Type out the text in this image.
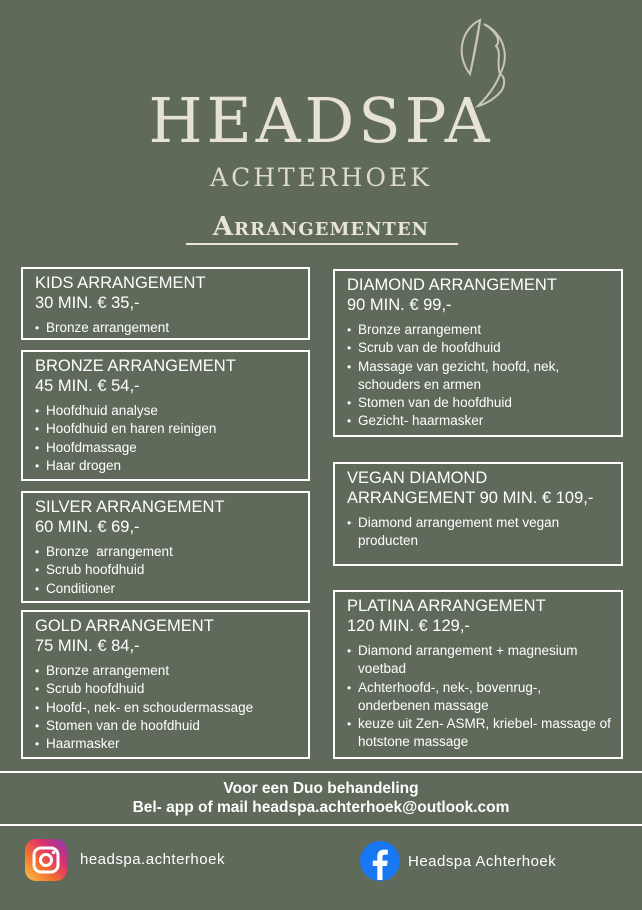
HEADSPA
ACHTERHOEK
Arrangementen
KIDS ARRANGEMENT
30 MIN. € 35,-
• Bronze arrangement
BRONZE ARRANGEMENT
45 MIN. € 54,-
• Hoofdhuid analyse
• Hoofdhuid en haren reinigen
• Hoofdmassage
• Haar drogen
SILVER ARRANGEMENT
60 MIN. € 69,-
• Bronze  arrangement
• Scrub hoofdhuid
• Conditioner
GOLD ARRANGEMENT
75 MIN. € 84,-
• Bronze arrangement
• Scrub hoofdhuid
• Hoofd-, nek- en schoudermassage
• Stomen van de hoofdhuid
• Haarmasker
DIAMOND ARRANGEMENT
90 MIN. € 99,-
• Bronze arrangement
• Scrub van de hoofdhuid
• Massage van gezicht, hoofd, nek, schouders en armen
• Stomen van de hoofdhuid
• Gezicht- haarmasker
VEGAN DIAMOND ARRANGEMENT 90 MIN. € 109,-
• Diamond arrangement met vegan producten
PLATINA ARRANGEMENT
120 MIN. € 129,-
• Diamond arrangement + magnesium voetbad
• Achterhoofd-, nek-, bovenrug-, onderbenen massage
• keuze uit Zen- ASMR, kriebel- massage of hotstone massage
Voor een Duo behandeling
Bel- app of mail headspa.achterhoek@outlook.com
headspa.achterhoek	Headspa Achterhoek
